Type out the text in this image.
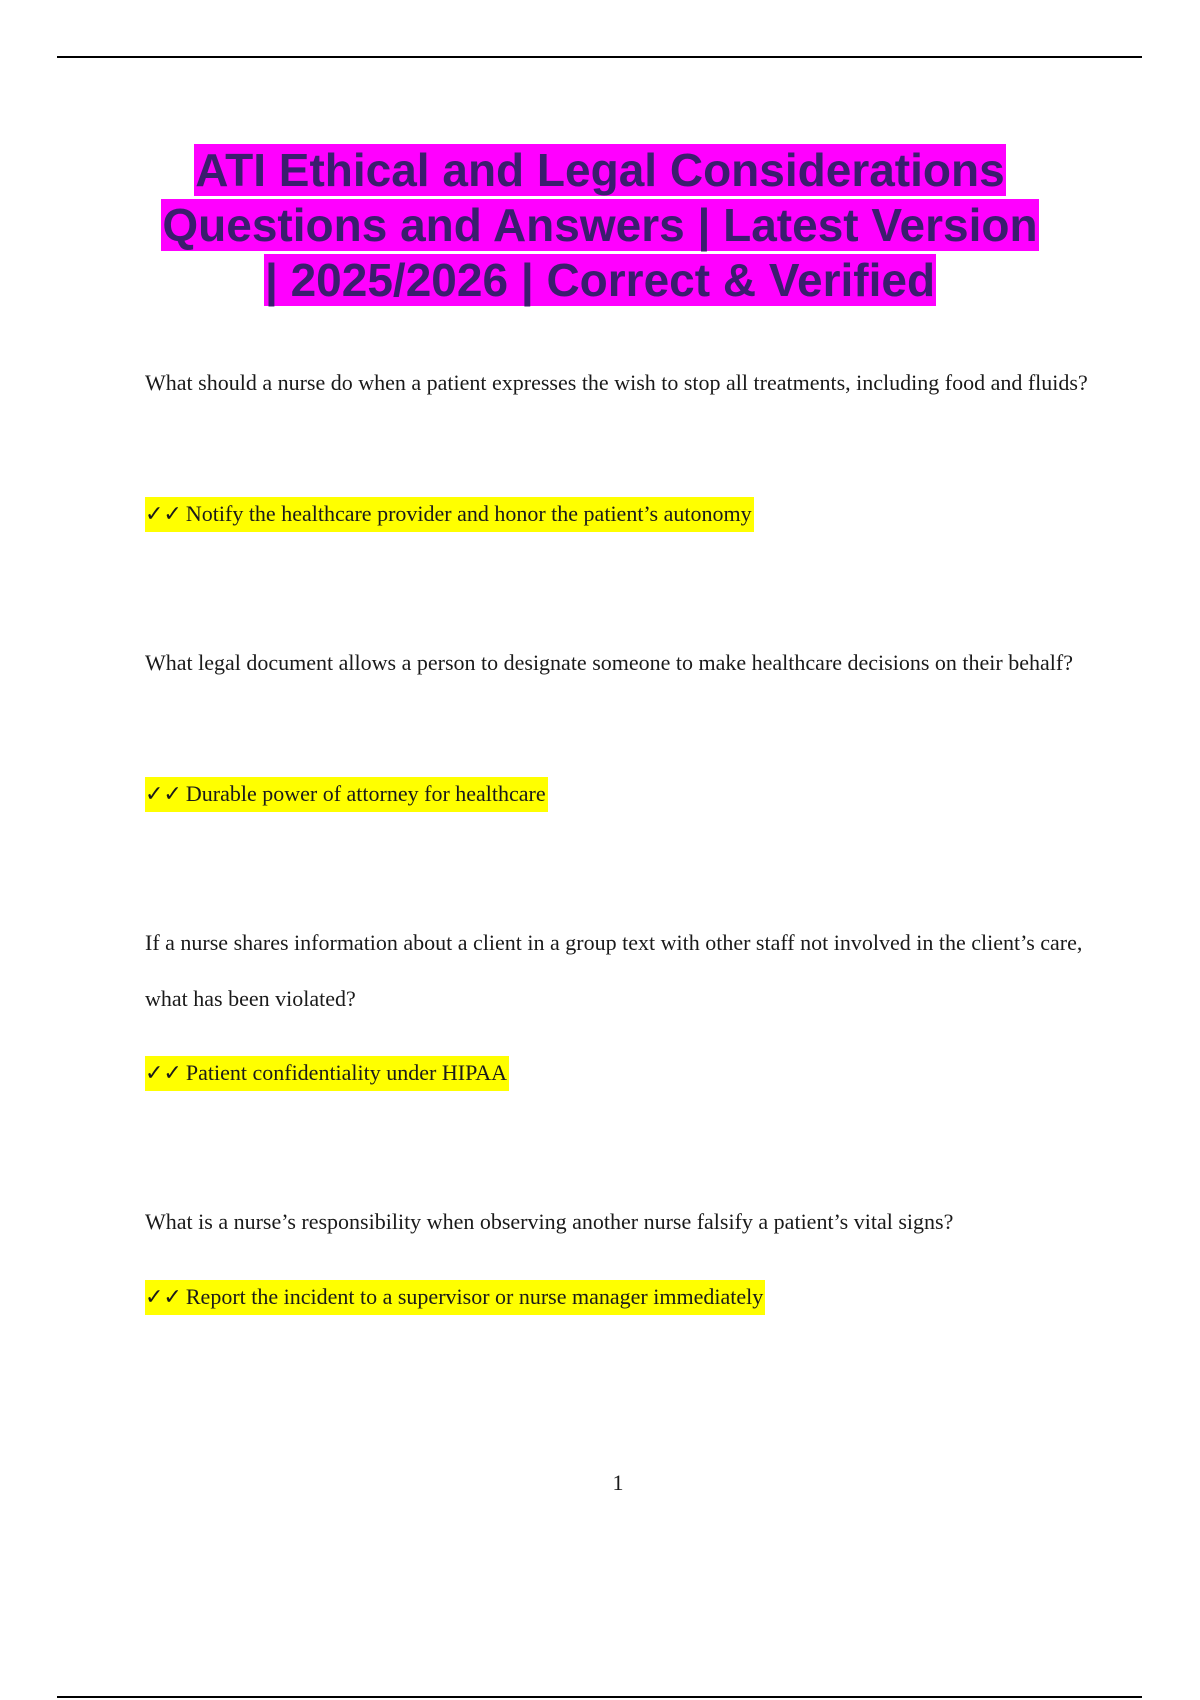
ATI Ethical and Legal Considerations
Questions and Answers | Latest Version
| 2025/2026 | Correct & Verified

What should a nurse do when a patient expresses the wish to stop all treatments, including food and fluids?

✓✓ Notify the healthcare provider and honor the patient’s autonomy

What legal document allows a person to designate someone to make healthcare decisions on their behalf?

✓✓ Durable power of attorney for healthcare

If a nurse shares information about a client in a group text with other staff not involved in the client’s care, what has been violated?

✓✓ Patient confidentiality under HIPAA

What is a nurse’s responsibility when observing another nurse falsify a patient’s vital signs?

✓✓ Report the incident to a supervisor or nurse manager immediately

1
